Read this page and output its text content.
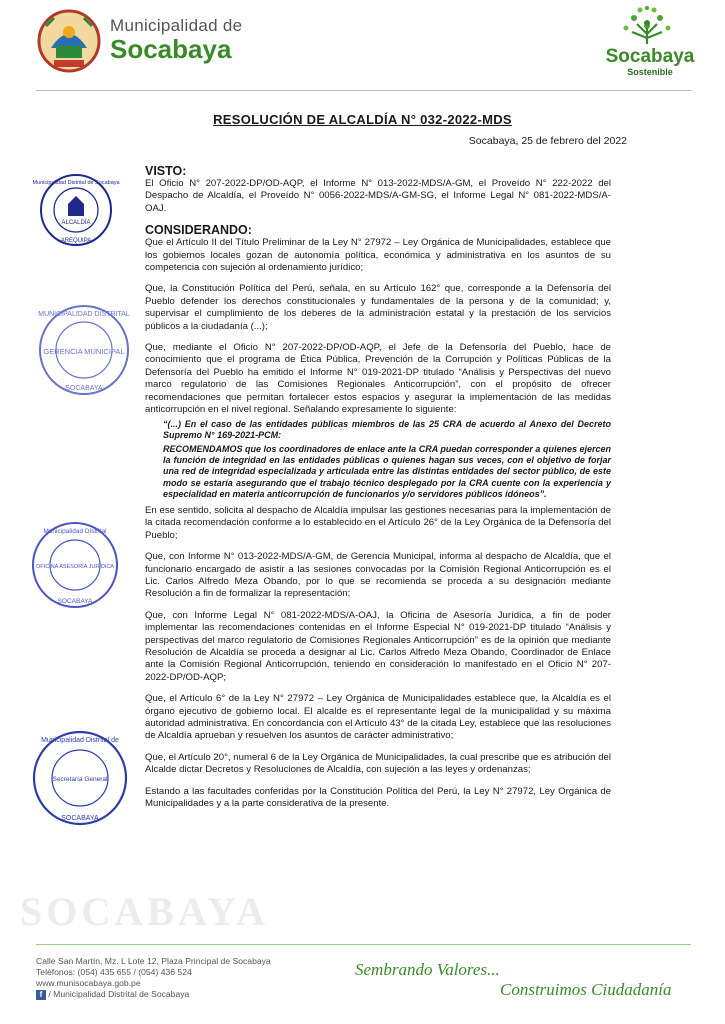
Municipalidad de
Socabaya	Socabaya
Sostenible
RESOLUCIÓN DE ALCALDÍA N° 032-2022-MDS
Socabaya, 25 de febrero del 2022
ALCALDÍA
Municipalidad Distrital de Socabaya
AREQUIPA
MUNICIPALIDAD DISTRITAL
GERENCIA MUNICIPAL
SOCABAYA
Municipalidad Distrital
OFICINA ASESORÍA JURÍDICA
SOCABAYA
Municipalidad Distrital de
Secretaría General
SOCABAYA
VISTO:

El Oficio N° 207-2022-DP/OD-AQP, el Informe N° 013-2022-MDS/A-GM, el Proveído N° 222-2022 del Despacho de Alcaldía, el Proveído N° 0056-2022-MDS/A-GM-SG, el Informe Legal N° 081-2022-MDS/A-OAJ.

CONSIDERANDO:

Que el Artículo II del Título Preliminar de la Ley N° 27972 – Ley Orgánica de Municipalidades, establece que los gobiernos locales gozan de autonomía política, económica y administrativa en los asuntos de su competencia con sujeción al ordenamiento jurídico;

Que, la Constitución Política del Perú, señala, en su Artículo 162° que, corresponde a la Defensoría del Pueblo defender los derechos constitucionales y fundamentales de la persona y de la comunidad; y, supervisar el cumplimiento de los deberes de la administración estatal y la prestación de los servicios públicos a la ciudadanía (...);

Que, mediante el Oficio N° 207-2022-DP/OD-AQP, el Jefe de la Defensoría del Pueblo, hace de conocimiento que el programa de Ética Pública, Prevención de la Corrupción y Políticas Públicas de la Defensoría del Pueblo ha emitido el Informe N° 019-2021-DP titulado “Análisis y Perspectivas del nuevo marco regulatorio de las Comisiones Regionales Anticorrupción”, con el propósito de ofrecer recomendaciones que permitan fortalecer estos espacios y asegurar la implementación de las medidas anticorrupción en el nivel regional. Señalando expresamente lo siguiente:

“(...) En el caso de las entidades públicas miembros de las 25 CRA de acuerdo al Anexo del Decreto Supremo N° 169-2021-PCM:
RECOMENDAMOS que los coordinadores de enlace ante la CRA puedan corresponder a quienes ejercen la función de integridad en las entidades públicas o quienes hagan sus veces, con el objetivo de forjar una red de integridad especializada y articulada entre las distintas entidades del sector público, de este modo se estaría asegurando que el trabajo técnico desplegado por la CRA cuente con la experiencia y especialidad en materia anticorrupción de funcionarios y/o servidores públicos idóneos”.

En ese sentido, solicita al despacho de Alcaldía impulsar las gestiones necesarias para la implementación de la citada recomendación conforme a lo establecido en el Artículo 26° de la Ley Orgánica de la Defensoría del Pueblo;

Que, con Informe N° 013-2022-MDS/A-GM, de Gerencia Municipal, informa al despacho de Alcaldía, que el funcionario encargado de asistir a las sesiones convocadas por la Comisión Regional Anticorrupción es el Lic. Carlos Alfredo Meza Obando, por lo que se recomienda se proceda a su designación mediante Resolución a fin de formalizar la representación;

Que, con Informe Legal N° 081-2022-MDS/A-OAJ, la Oficina de Asesoría Jurídica, a fin de poder implementar las recomendaciones contenidas en el Informe Especial N° 019-2021-DP titulado “Análisis y perspectivas del marco regulatorio de Comisiones Regionales Anticorrupción” es de la opinión que mediante Resolución de Alcaldía se proceda a designar al Lic. Carlos Alfredo Meza Obando, Coordinador de Enlace ante la Comisión Regional Anticorrupción, teniendo en consideración lo manifestado en el Oficio N° 207-2022-DP/OD-AQP;

Que, el Artículo 6° de la Ley N° 27972 – Ley Orgánica de Municipalidades establece que, la Alcaldía es el órgano ejecutivo de gobierno local. El alcalde es el representante legal de la municipalidad y su máxima autoridad administrativa. En concordancia con el Artículo 43° de la citada Ley, establece que las resoluciones de Alcaldía aprueban y resuelven los asuntos de carácter administrativo;

Que, el Artículo 20°, numeral 6 de la Ley Orgánica de Municipalidades, la cual prescribe que es atribución del Alcalde dictar Decretos y Resoluciones de Alcaldía, con sujeción a las leyes y ordenanzas;

Estando a las facultades conferidas por la Constitución Política del Perú, la Ley N° 27972, Ley Orgánica de Municipalidades y a la parte considerativa de la presente.

SOCABAYA
Calle San Martín, Mz. L Lote 12, Plaza Principal de Socabaya
Teléfonos: (054) 435 655 / (054) 436 524
www.munisocabaya.gob.pe
f / Municipalidad Distrital de Socabaya
Sembrando Valores...
Construimos Ciudadanía
